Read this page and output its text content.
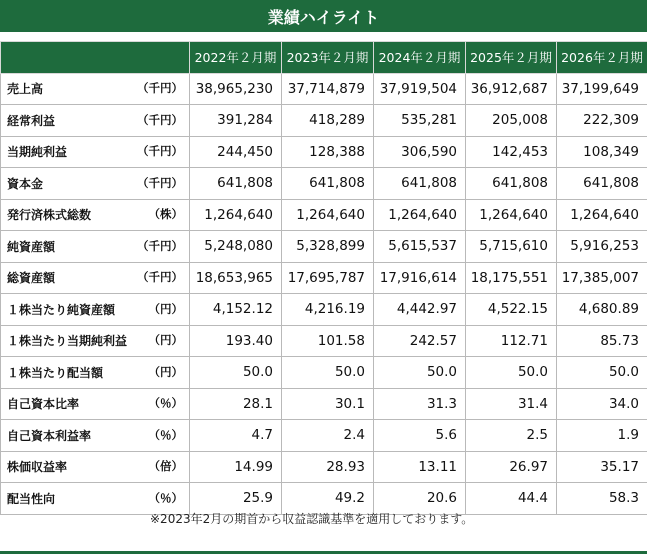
業績ハイライト
	2022年２月期	2023年２月期	2024年２月期	2025年２月期	2026年２月期

売上高 （千円）	38,965,230	37,714,879	37,919,504	36,912,687	37,199,649

経常利益 （千円）	391,284	418,289	535,281	205,008	222,309

当期純利益 （千円）	244,450	128,388	306,590	142,453	108,349

資本金 （千円）	641,808	641,808	641,808	641,808	641,808

発行済株式総数 （株）	1,264,640	1,264,640	1,264,640	1,264,640	1,264,640

純資産額 （千円）	5,248,080	5,328,899	5,615,537	5,715,610	5,916,253

総資産額 （千円）	18,653,965	17,695,787	17,916,614	18,175,551	17,385,007

１株当たり純資産額 （円）	4,152.12	4,216.19	4,442.97	4,522.15	4,680.89

１株当たり当期純利益 （円）	193.40	101.58	242.57	112.71	85.73

１株当たり配当額 （円）	50.0	50.0	50.0	50.0	50.0

自己資本比率 （％）	28.1	30.1	31.3	31.4	34.0

自己資本利益率 （％）	4.7	2.4	5.6	2.5	1.9

株価収益率 （倍）	14.99	28.93	13.11	26.97	35.17

配当性向 （％）	25.9	49.2	20.6	44.4	58.3
※2023年2月の期首から収益認識基準を適用しております。
